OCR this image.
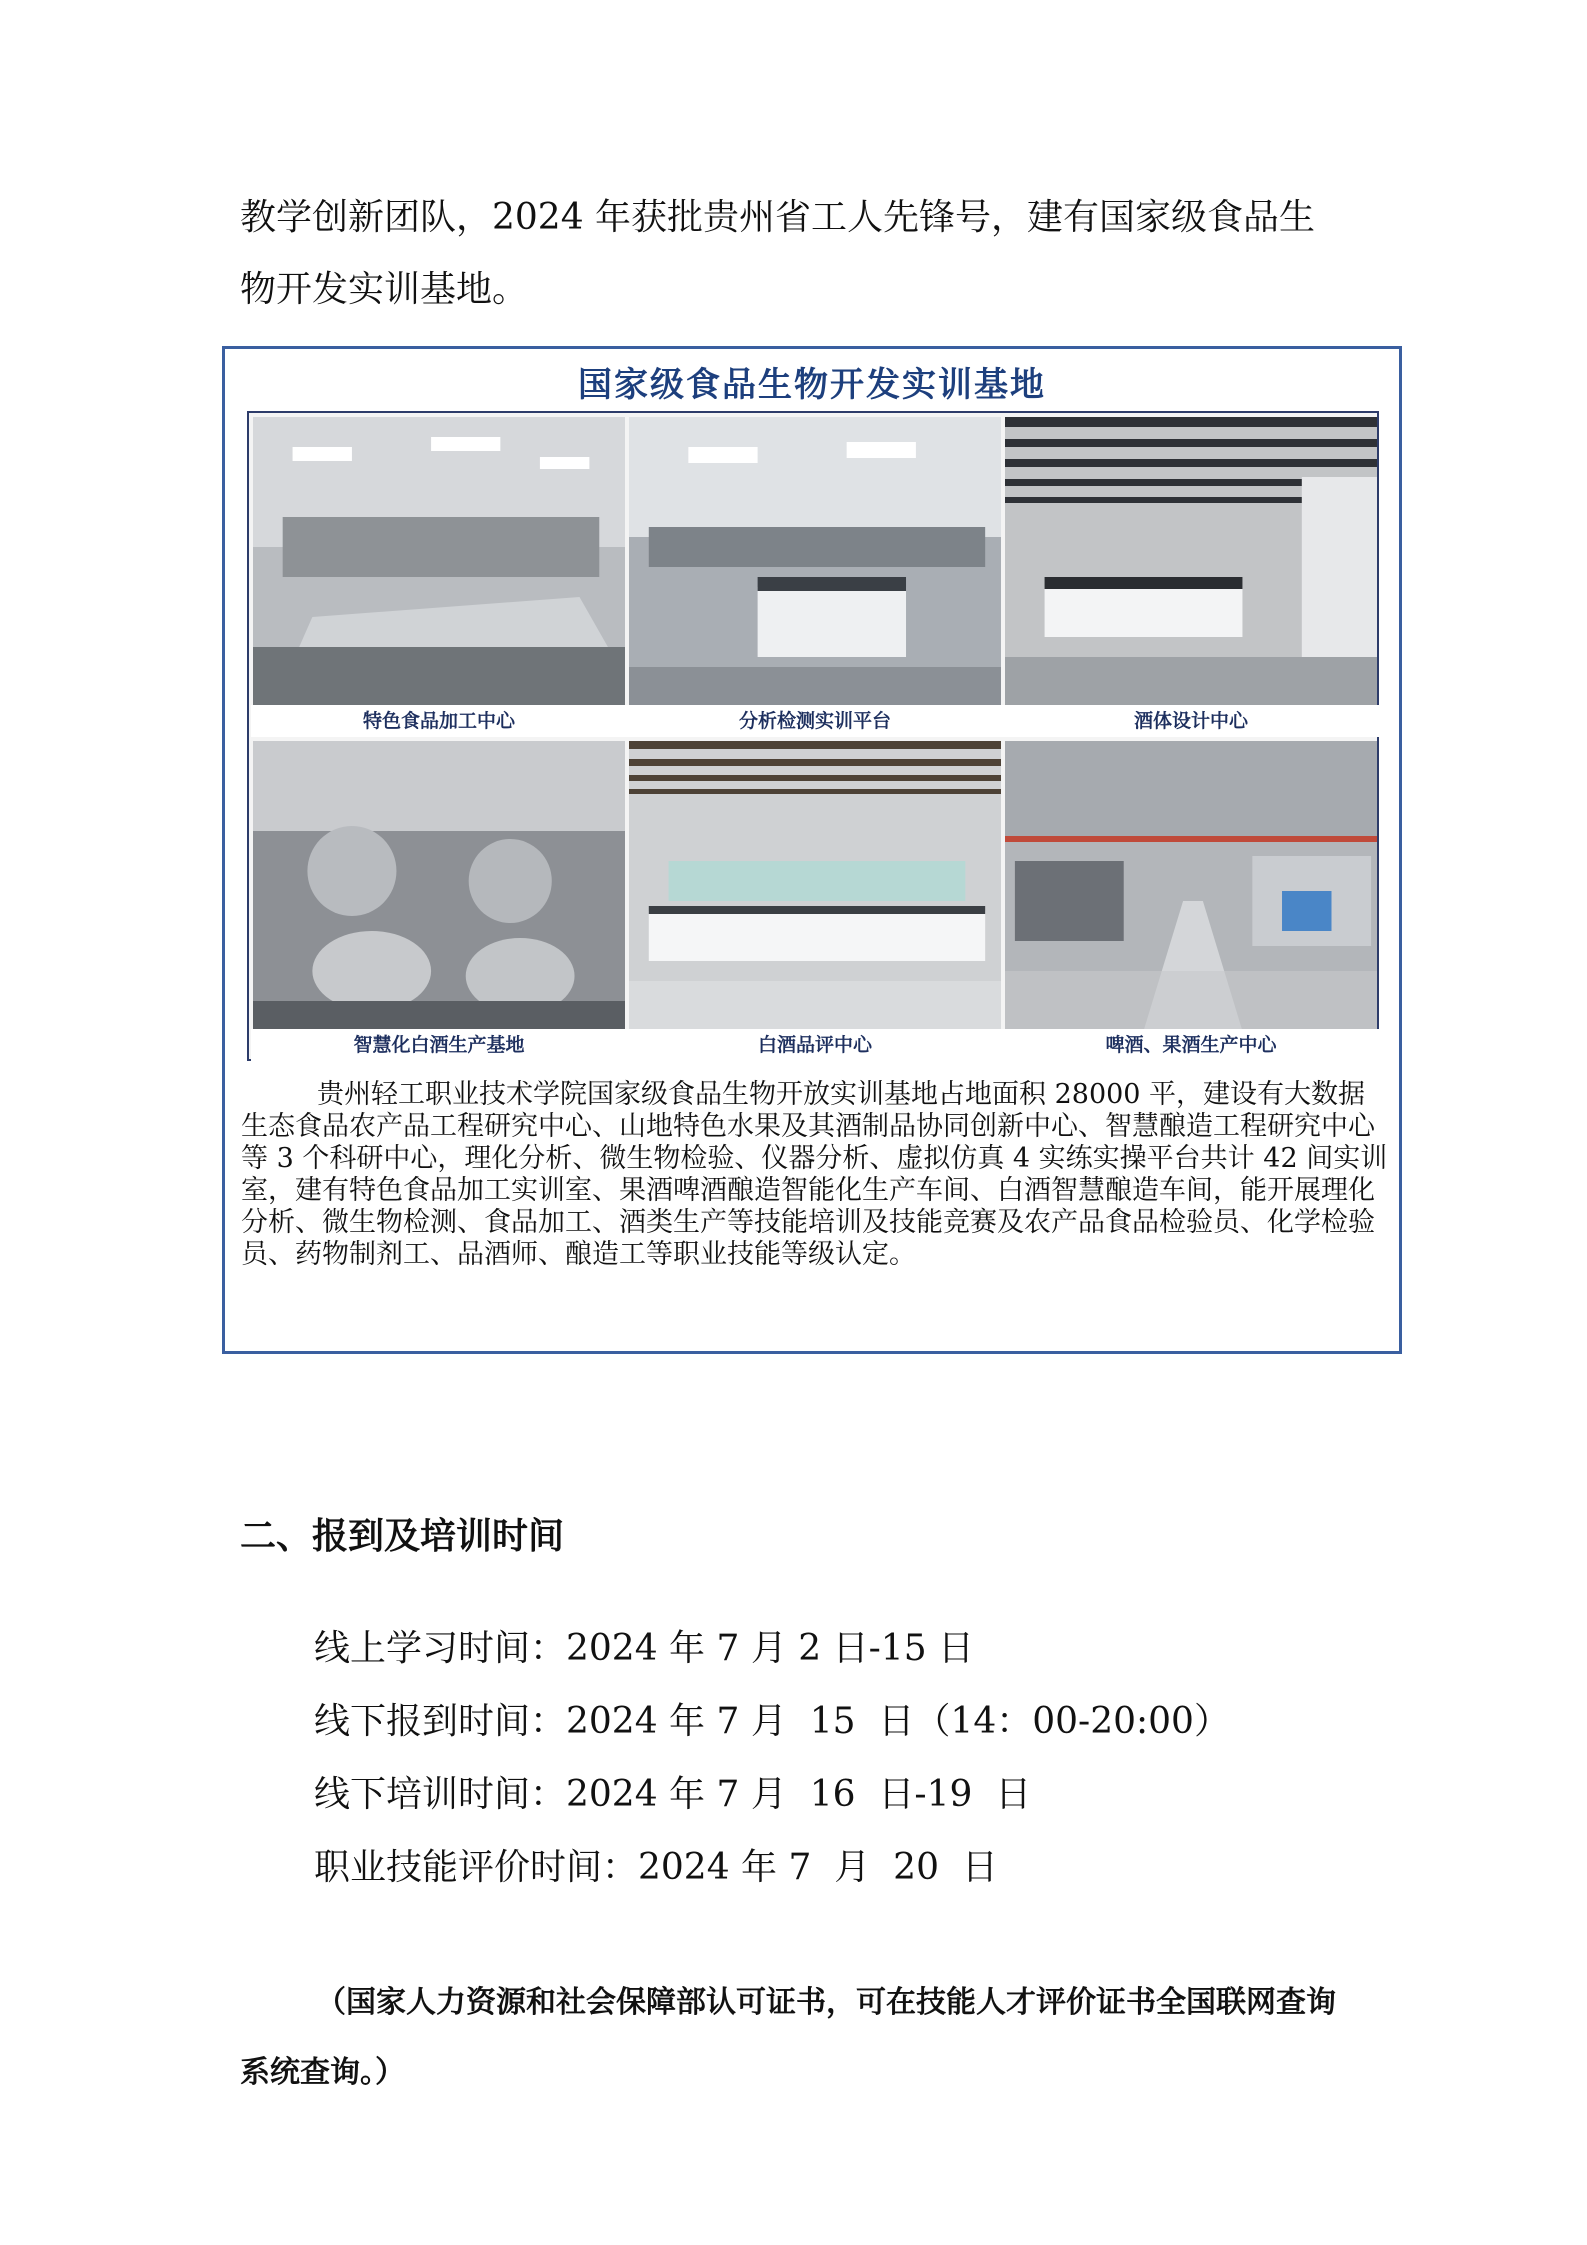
教学创新团队，2024 年获批贵州省工人先锋号，建有国家级食品生物开发实训基地。

国家级食品生物开发实训基地
特色食品加工中心	分析检测实训平台	酒体设计中心
智慧化白酒生产基地	白酒品评中心	啤酒、果酒生产中心

贵州轻工职业技术学院国家级食品生物开放实训基地占地面积 28000 平，建设有大数据生态食品农产品工程研究中心、山地特色水果及其酒制品协同创新中心、智慧酿造工程研究中心等 3 个科研中心，理化分析、微生物检验、仪器分析、虚拟仿真 4 实练实操平台共计 42 间实训室，建有特色食品加工实训室、果酒啤酒酿造智能化生产车间、白酒智慧酿造车间，能开展理化分析、微生物检测、食品加工、酒类生产等技能培训及技能竞赛及农产品食品检验员、化学检验员、药物制剂工、品酒师、酿造工等职业技能等级认定。

二、报到及培训时间

线上学习时间：2024 年 7 月 2 日-15 日

线下报到时间：2024 年 7 月  15  日（14：00-20:00）

线下培训时间：2024 年 7 月  16  日-19  日

职业技能评价时间：2024 年 7  月  20  日

（国家人力资源和社会保障部认可证书，可在技能人才评价证书全国联网查询系统查询。）
